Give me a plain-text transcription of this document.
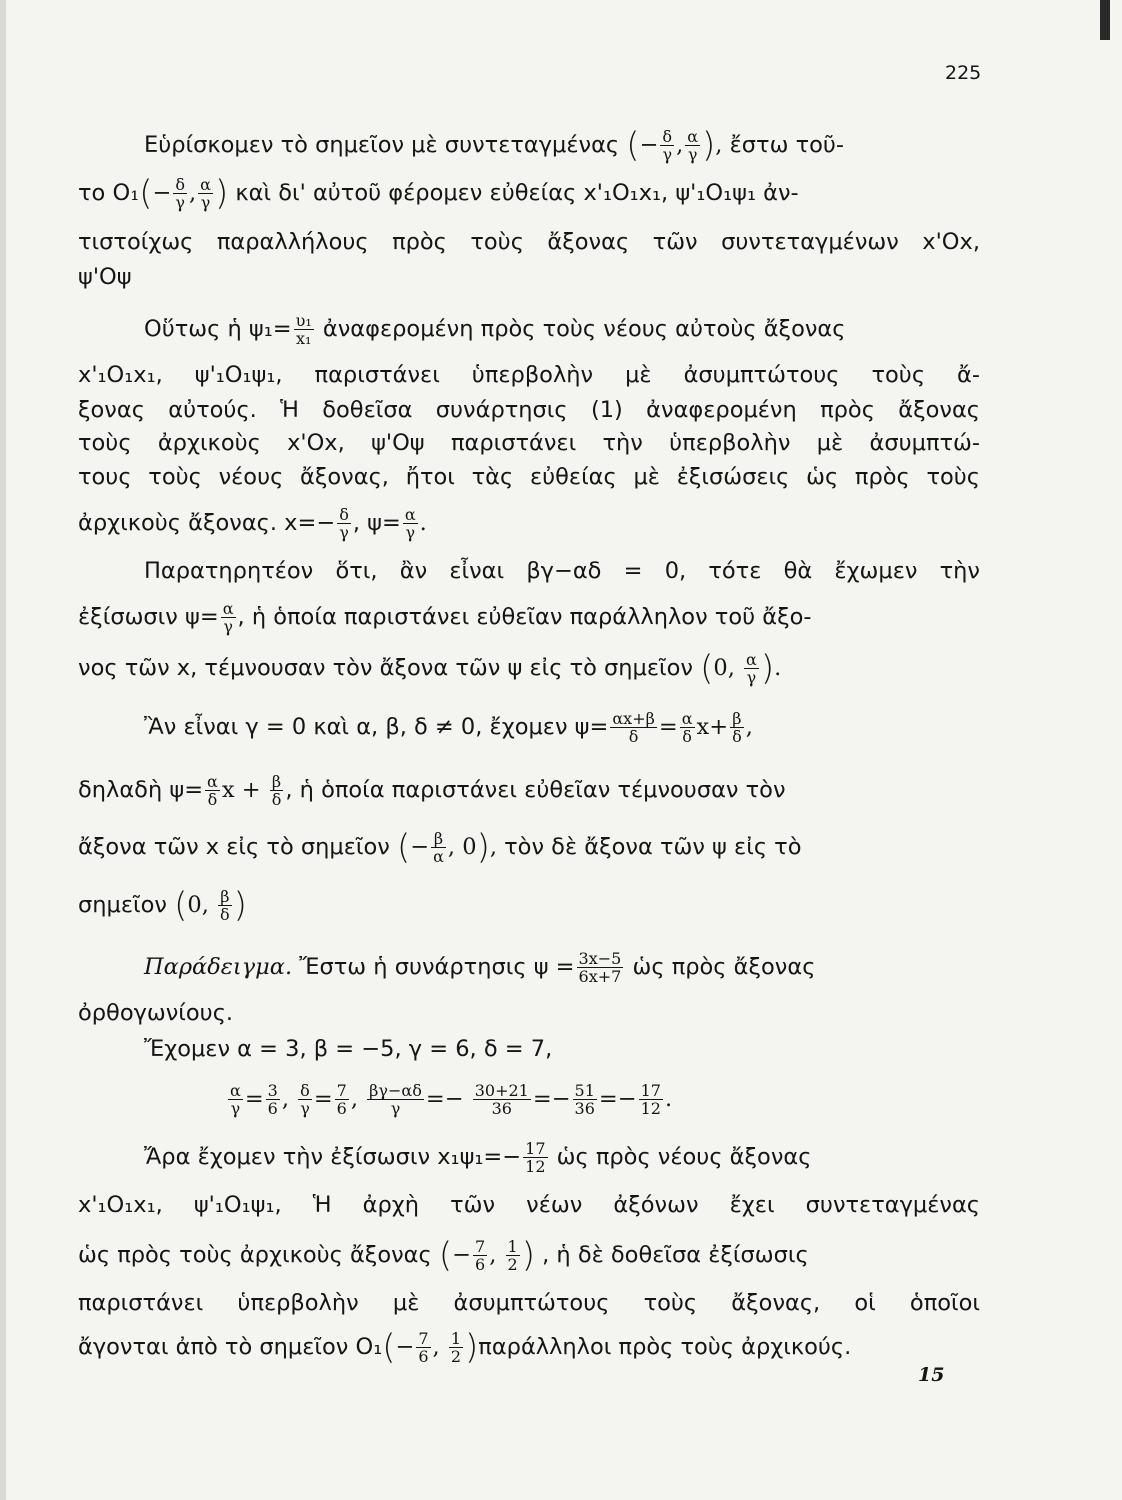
225
Εὑρίσκομεν τὸ σημεῖον μὲ συντεταγμένας (− $\frac{\delta}{\gamma}$ , $\frac{\alpha}{\gamma}$ ), ἔστω τοῦ-
το $O_1(- \frac{\delta}{\gamma}$ , $\frac{\alpha}{\gamma}$ ) καὶ δι' αὐτοῦ φέρομεν εὐθείας x'₁O₁x₁, ψ'₁O₁ψ₁ ἀν-
τιστοίχως παραλλήλους πρὸς τοὺς ἄξονας τῶν συντεταγμένων x'Ox,
ψ'Oψ
Οὕτως ἡ $\psi_1= \frac{\text{υ₁}}{\text{x₁}}$ ἀναφερομένη πρὸς τοὺς νέους αὐτοὺς ἄξονας
x'₁O₁x₁, ψ'₁O₁ψ₁, παριστάνει ὑπερβολὴν μὲ ἀσυμπτώτους τοὺς ἄ-
ξονας αὐτούς. Ἡ δοθεῖσα συνάρτησις (1) ἀναφερομένη πρὸς ἄξονας
τοὺς ἀρχικοὺς x'Ox, ψ'Oψ παριστάνει τὴν ὑπερβολὴν μὲ ἀσυμπτώ-
τους τοὺς νέους ἄξονας, ἤτοι τὰς εὐθείας μὲ ἐξισώσεις ὡς πρὸς τοὺς
ἀρχικοὺς ἄξονας. $x=- \frac{\delta}{\gamma}$ , $\psi= \frac{\alpha}{\gamma}$ .
Παρατηρητέον ὅτι, ἂν εἶναι βγ−αδ = 0, τότε θὰ ἔχωμεν τὴν
ἐξίσωσιν $\psi= \frac{\alpha}{\gamma}$ , ἡ ὁποία παριστάνει εὐθεῖαν παράλληλον τοῦ ἄξο-
νος τῶν x, τέμνουσαν τὸν ἄξονα τῶν ψ εἰς τὸ σημεῖον (0, $\frac{\alpha}{\gamma}$ ).
Ἂν εἶναι γ = 0 καὶ α, β, δ ≠ 0, ἔχομεν $\psi= \frac{\alpha x+\beta}{\delta} = \frac{\alpha}{\delta} x+ \frac{\beta}{\delta}$ ,
δηλαδὴ $\psi= \frac{\alpha}{\delta}$ $x + \frac{\beta}{\delta}$ , ἡ ὁποία παριστάνει εὐθεῖαν τέμνουσαν τὸν
ἄξονα τῶν x εἰς τὸ σημεῖον (− $\frac{\beta}{\alpha}$ , 0), τὸν δὲ ἄξονα τῶν ψ εἰς τὸ
σημεῖον (0, $\frac{\beta}{\delta}$ )
Παράδειγμα. Ἔστω ἡ συνάρτησις $\psi = \frac{3x-5}{6x+7}$ ὡς πρὸς ἄξονας
ὀρθογωνίους.
Ἔχομεν α = 3, β = −5, γ = 6, δ = 7,
$\frac{\alpha}{\gamma} = \frac{3}{6}$ , $\frac{\delta}{\gamma} = \frac{7}{6}$ , $\frac{\beta\gamma-\alpha\delta}{\gamma} =- \frac{30+21}{36} =- \frac{51}{36} =- \frac{17}{12}$ .
Ἄρα ἔχομεν τὴν ἐξίσωσιν $x_1\psi_1=- \frac{17}{12}$ ὡς πρὸς νέους ἄξονας
x'₁O₁x₁, ψ'₁O₁ψ₁, Ἡ ἀρχὴ τῶν νέων ἀξόνων ἔχει συντεταγμένας
ὡς πρὸς τοὺς ἀρχικοὺς ἄξονας (− $\frac{7}{6}$ , $\frac{1}{2}$ ) , ἡ δὲ δοθεῖσα ἐξίσωσις
παριστάνει ὑπερβολὴν μὲ ἀσυμπτώτους τοὺς ἄξονας, οἱ ὁποῖοι
ἄγονται ἀπὸ τὸ σημεῖον $O_1(- \frac{7}{6}$ , $\frac{1}{2} )\pi\alpha\rho ά\lambda\lambda\eta\lambda o\iota$ πρὸς τοὺς ἀρχικούς.
15
